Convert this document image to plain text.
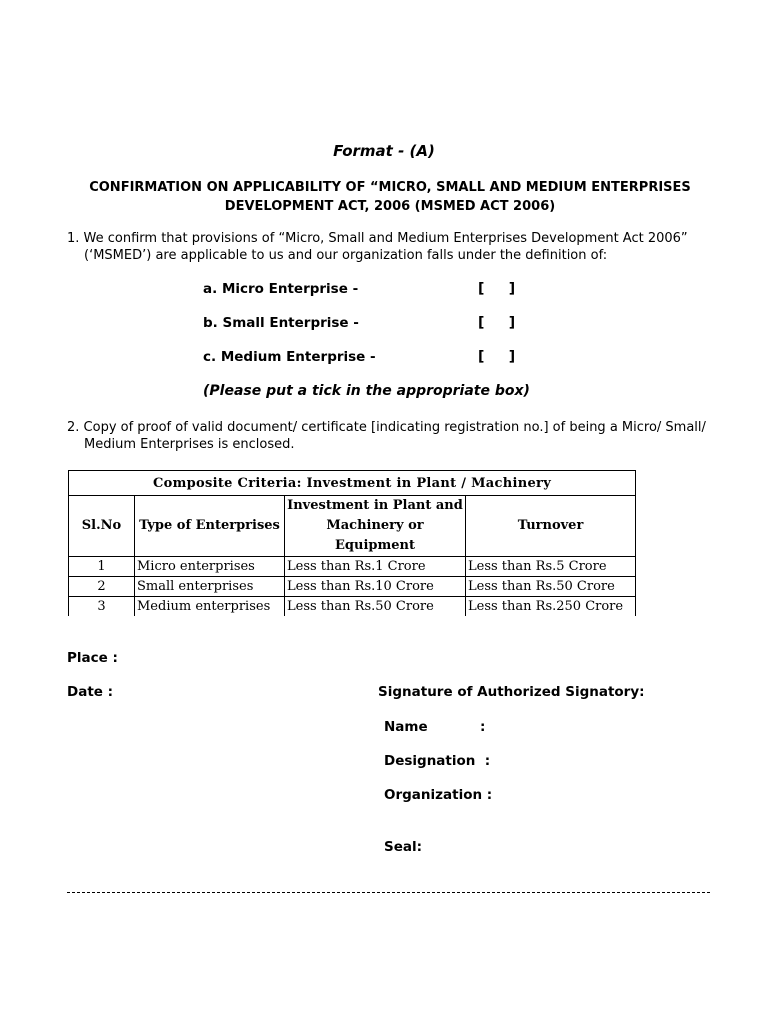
Format - (A)
CONFIRMATION ON APPLICABILITY OF “MICRO, SMALL AND MEDIUM ENTERPRISES
DEVELOPMENT ACT, 2006 (MSMED ACT 2006)
1. We confirm that provisions of “Micro, Small and Medium Enterprises Development Act 2006”
(‘MSMED’) are applicable to us and our organization falls under the definition of:
a. Micro Enterprise -	[     ]
b. Small Enterprise -	[     ]
c. Medium Enterprise -	[     ]
(Please put a tick in the appropriate box)
2. Copy of proof of valid document/ certificate [indicating registration no.] of being a Micro/ Small/
Medium Enterprises is enclosed.
Composite Criteria: Investment in Plant / Machinery			
Sl.No	Type of Enterprises	Investment in Plant and Machinery or Equipment	Turnover
1	Micro enterprises	Less than Rs.1 Crore	Less than Rs.5 Crore
2	Small enterprises	Less than Rs.10 Crore	Less than Rs.50 Crore
3	Medium enterprises	Less than Rs.50 Crore	Less than Rs.250 Crore
Place :
Date :	Signature of Authorized Signatory:
Name	:
Designation  :
Organization :
Seal:
